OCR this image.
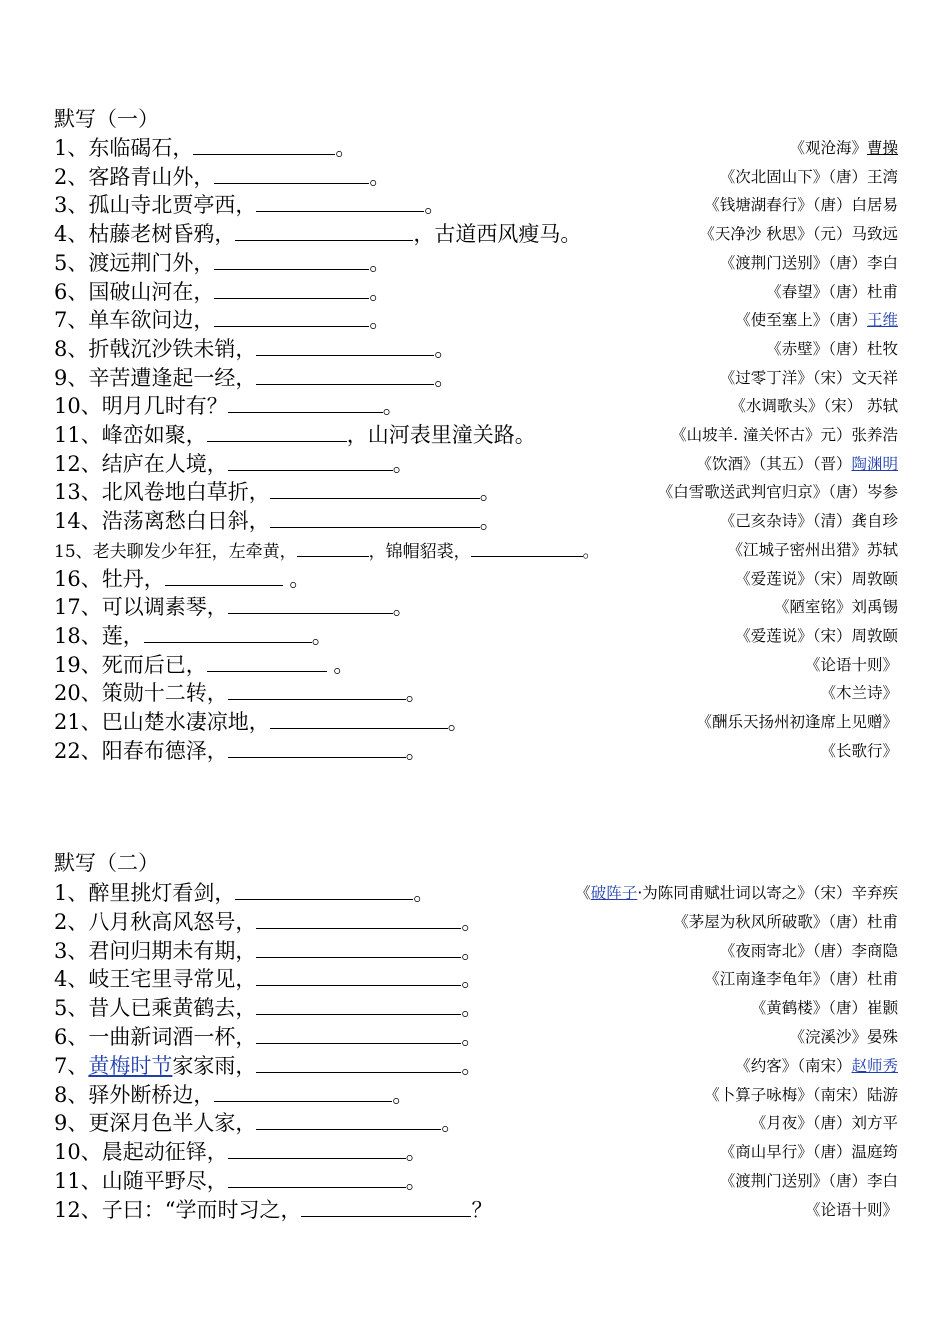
默写（一）
1、东临碣石，	。	《观沧海》曹操
2、客路青山外，	。	《次北固山下》（唐）王湾
3、孤山寺北贾亭西，	。	《钱塘湖春行》（唐）白居易
4、枯藤老树昏鸦，	，古道西风瘦马。	《天净沙 秋思》（元）马致远
5、渡远荆门外，	。	《渡荆门送别》（唐）李白
6、国破山河在，	。	《春望》（唐）杜甫
7、单车欲问边，	。	《使至塞上》（唐）王维
8、折戟沉沙铁未销，	。	《赤壁》（唐）杜牧
9、辛苦遭逢起一经，	。	《过零丁洋》（宋）文天祥
10、明月几时有？	。	《水调歌头》（宋） 苏轼
11、峰峦如聚，	，山河表里潼关路。	《山坡羊. 潼关怀古》元）张养浩
12、结庐在人境，	。	《饮酒》（其五）（晋）陶渊明
13、北风卷地白草折，	。	《白雪歌送武判官归京》（唐）岑参
14、浩荡离愁白日斜，	。	《己亥杂诗》（清）龚自珍
15、老夫聊发少年狂，左牵黄，	，锦帽貂裘，	。	《江城子密州出猎》苏轼
16、牡丹，	。	《爱莲说》（宋）周敦颐
17、可以调素琴，	。	《陋室铭》刘禹锡
18、莲，	。	《爱莲说》（宋）周敦颐
19、死而后已，	。	《论语十则》
20、策勋十二转，	。	《木兰诗》
21、巴山楚水凄凉地，	。	《酬乐天扬州初逢席上见赠》
22、阳春布德泽，	。	《长歌行》
默写（二）
1、醉里挑灯看剑，	。	《破阵子·为陈同甫赋壮词以寄之》（宋）辛弃疾
2、八月秋高风怒号，	。	《茅屋为秋风所破歌》（唐）杜甫
3、君问归期未有期，	。	《夜雨寄北》（唐）李商隐
4、岐王宅里寻常见，	。	《江南逢李龟年》（唐）杜甫
5、昔人已乘黄鹤去，	。	《黄鹤楼》（唐）崔颢
6、一曲新词酒一杯，	。	《浣溪沙》晏殊
7、黄梅时节家家雨，	。	《约客》（南宋）赵师秀
8、驿外断桥边，	。	《卜算子咏梅》（南宋）陆游
9、更深月色半人家，	。	《月夜》（唐）刘方平
10、晨起动征铎，	。	《商山早行》（唐）温庭筠
11、山随平野尽，	。	《渡荆门送别》（唐）李白
12、子曰：“学而时习之，	？	《论语十则》
